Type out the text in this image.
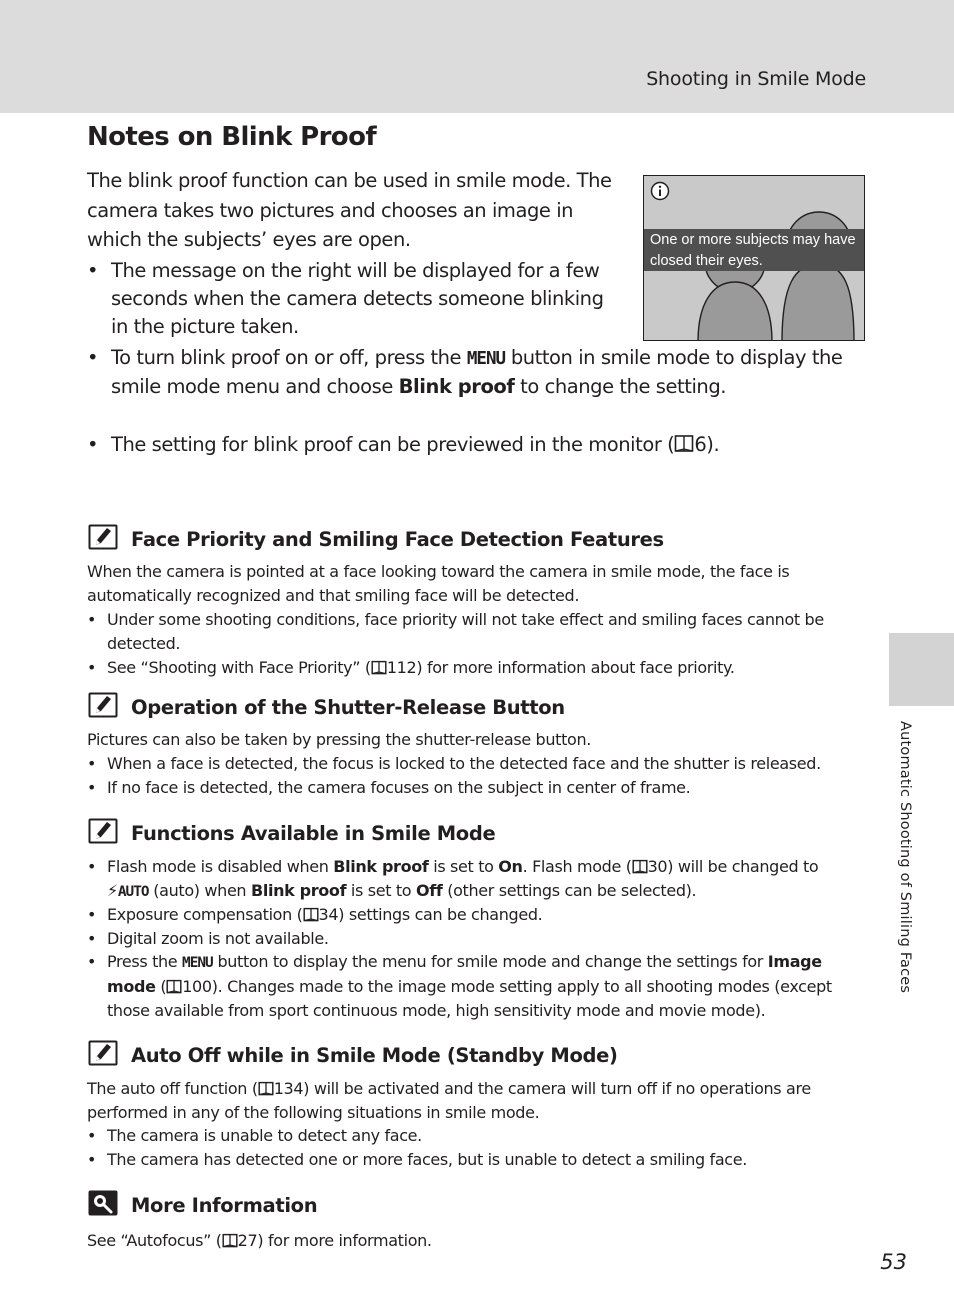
Shooting in Smile Mode
Automatic Shooting of Smiling Faces
Notes on Blink Proof

The blink proof function can be used in smile mode. The camera takes two pictures and chooses an image in which the subjects’ eyes are open.

• The message on the right will be displayed for a few seconds when the camera detects someone blinking in the picture taken.
• To turn blink proof on or off, press the MENU button in smile mode to display the smile mode menu and choose Blink proof to change the setting.
• The setting for blink proof can be previewed in the monitor ( 6).
One or more subjects may have closed their eyes.
Face Priority and Smiling Face Detection Features
When the camera is pointed at a face looking toward the camera in smile mode, the face is automatically recognized and that smiling face will be detected.
• Under some shooting conditions, face priority will not take effect and smiling faces cannot be detected.
• See “Shooting with Face Priority” ( 112) for more information about face priority.
Operation of the Shutter-Release Button
Pictures can also be taken by pressing the shutter-release button.
• When a face is detected, the focus is locked to the detected face and the shutter is released.
• If no face is detected, the camera focuses on the subject in center of frame.
Functions Available in Smile Mode
• Flash mode is disabled when Blink proof is set to On. Flash mode ( 30) will be changed to ⚡AUTO (auto) when Blink proof is set to Off (other settings can be selected).
• Exposure compensation ( 34) settings can be changed.
• Digital zoom is not available.
• Press the MENU button to display the menu for smile mode and change the settings for Image mode ( 100). Changes made to the image mode setting apply to all shooting modes (except those available from sport continuous mode, high sensitivity mode and movie mode).
Auto Off while in Smile Mode (Standby Mode)
The auto off function ( 134) will be activated and the camera will turn off if no operations are performed in any of the following situations in smile mode.
• The camera is unable to detect any face.
• The camera has detected one or more faces, but is unable to detect a smiling face.
More Information
See “Autofocus” ( 27) for more information.
53
